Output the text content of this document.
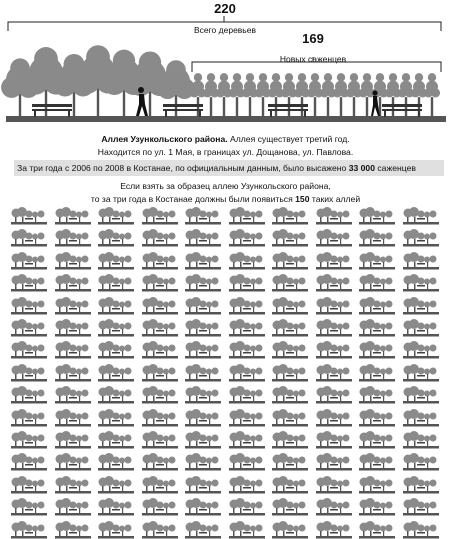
220
Всего деревьев
169
Новых саженцев
Аллея Узункольского района. Аллея существует третий год.
Находится по ул. 1 Мая, в границах ул. Дощанова, ул. Павлова.
За три года с 2006 по 2008 в Костанае, по официальным данным, было высажено 33 000 саженцев
Если взять за образец аллею Узункольского района,
то за три года в Костанае должны были появиться 150 таких аллей
